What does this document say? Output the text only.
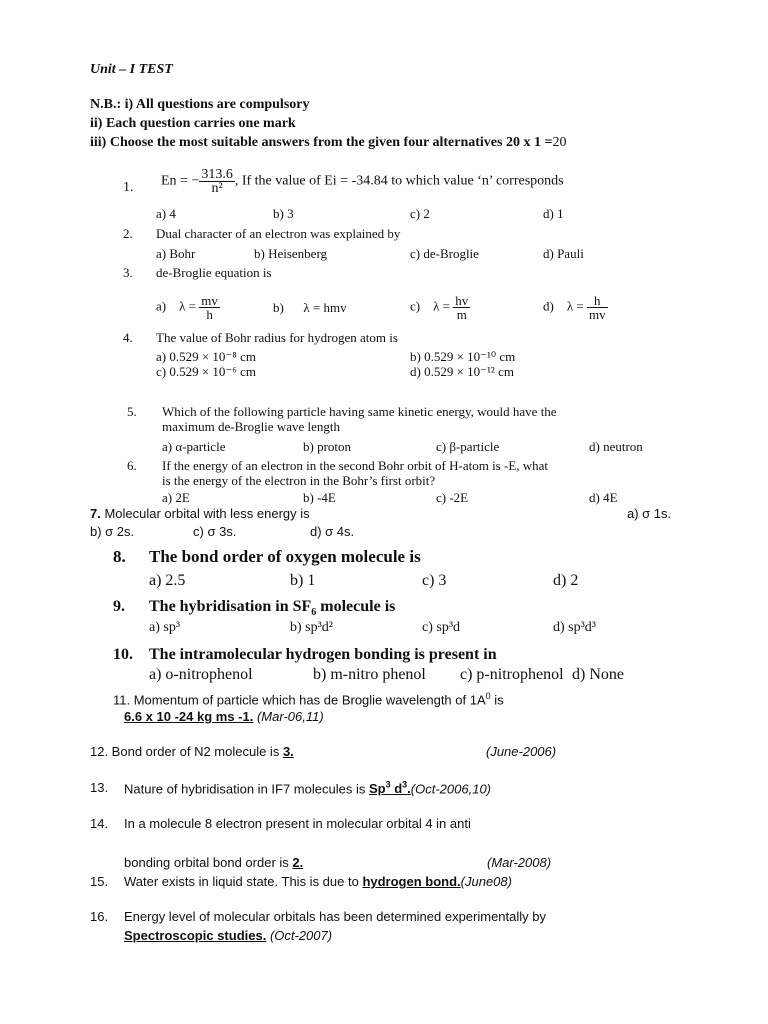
Unit – I TEST
N.B.: i) All questions are compulsory
ii) Each question carries one mark
iii) Choose the most suitable answers from the given four alternatives 20 x 1 =20
1. En = − $\frac{313.6}{\text{n²}}$ , If the value of Ei = -34.84 to which value ‘n’ corresponds
a) 4	b) 3	c) 2	d) 1
2. Dual character of an electron was explained by
a) Bohr	b) Heisenberg	c) de-Broglie	d) Pauli
3. de-Broglie equation is
a) $\lambda = \frac{mv}{h}$	b) λ = hmv	c) $\lambda = \frac{hv}{m}$	d) $\lambda = \frac{h}{mv}$
4. The value of Bohr radius for hydrogen atom is
a) 0.529 × 10⁻⁸ cm	b) 0.529 × 10⁻¹⁰ cm
c) 0.529 × 10⁻⁶ cm	d) 0.529 × 10⁻¹² cm
5. Which of the following particle having same kinetic energy, would have the
maximum de-Broglie wave length
a) α-particle	b) proton	c) β-particle	d) neutron
6. If the energy of an electron in the second Bohr orbit of H-atom is -E, what
is the energy of the electron in the Bohr’s first orbit?
a) 2E	b) -4E	c) -2E	d) 4E
7. Molecular orbital with less energy is	a) σ 1s.
b) σ 2s.	c) σ 3s.	d) σ 4s.
8. The bond order of oxygen molecule is
a) 2.5	b) 1	c) 3	d) 2
9. The hybridisation in $SF_6$ molecule is
a) sp³	b) sp³d²	c) sp³d	d) sp³d³
10. The intramolecular hydrogen bonding is present in
a) o-nitrophenol	b) m-nitro phenol c) p-nitrophenol d) None
11. Momentum of particle which has de Broglie wavelength of $1A^0$ is
6.6 x 10 -24 kg ms -1. (Mar-06,11)
12. Bond order of N2 molecule is 3.	(June-2006)
13. Nature of hybridisation in IF7 molecules is Sp$^3$ $d^3.(Oct-2006,10)$
14. In a molecule 8 electron present in molecular orbital 4 in anti
bonding orbital bond order is 2.	(Mar-2008)
15. Water exists in liquid state. This is due to hydrogen bond.(June08)
16. Energy level of molecular orbitals has been determined experimentally by
Spectroscopic studies. (Oct-2007)
